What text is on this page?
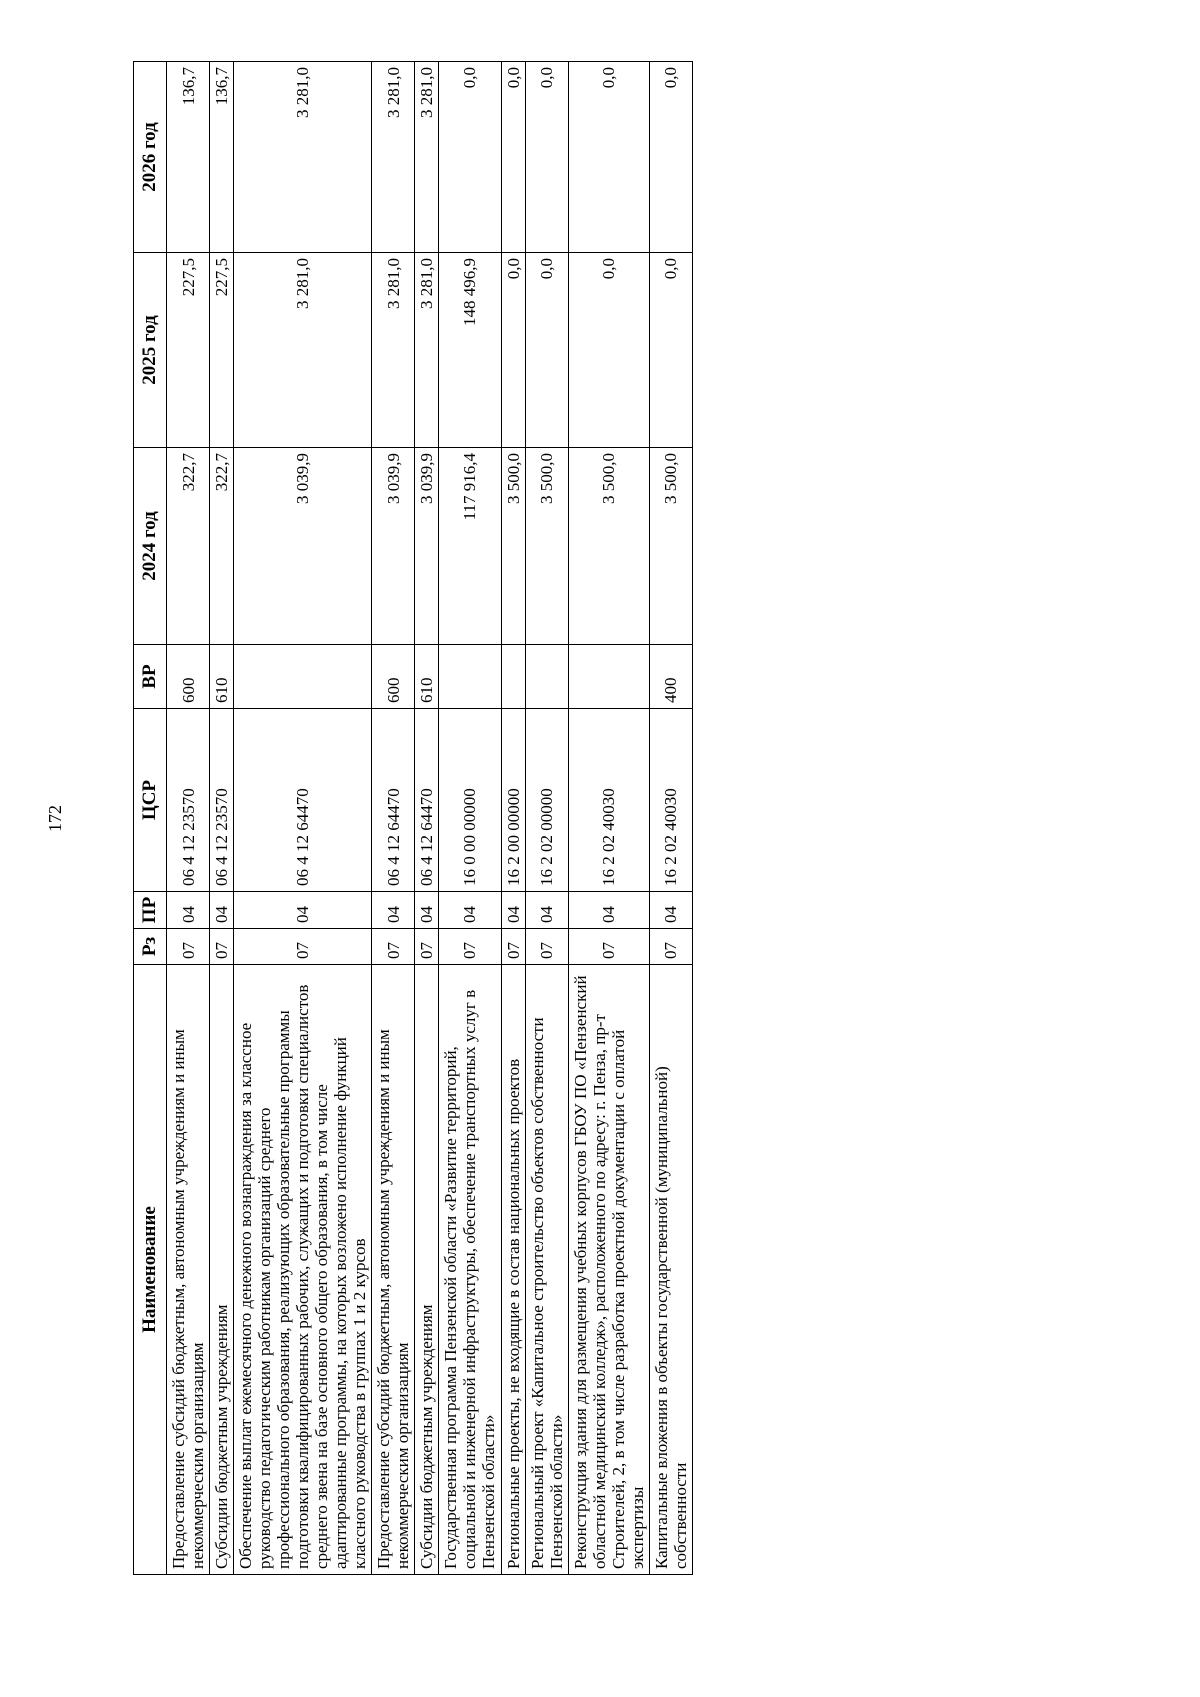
172
Наименование	Рз	ПР	ЦСР	ВР	2024 год	2025 год	2026 год
Предоставление субсидий бюджетным, автономным учреждениям и иным некоммерческим организациям	07	04	06 4 12 23570	600	322,7	227,5	136,7
Субсидии бюджетным учреждениям	07	04	06 4 12 23570	610	322,7	227,5	136,7
Обеспечение выплат ежемесячного денежного вознаграждения за классное руководство педагогическим работникам организаций среднего профессионального образования, реализующих образовательные программы подготовки квалифицированных рабочих, служащих и подготовки специалистов среднего звена на базе основного общего образования, в том числе адаптированные программы, на которых возложено исполнение функций классного руководства в группах 1 и 2 курсов	07	04	06 4 12 64470		3 039,9	3 281,0	3 281,0
Предоставление субсидий бюджетным, автономным учреждениям и иным некоммерческим организациям	07	04	06 4 12 64470	600	3 039,9	3 281,0	3 281,0
Субсидии бюджетным учреждениям	07	04	06 4 12 64470	610	3 039,9	3 281,0	3 281,0
Государственная программа Пензенской области «Развитие территорий, социальной и инженерной инфраструктуры, обеспечение транспортных услуг в Пензенской области»	07	04	16 0 00 00000		117 916,4	148 496,9	0,0
Региональные проекты, не входящие в состав национальных проектов	07	04	16 2 00 00000		3 500,0	0,0	0,0
Региональный проект «Капитальное строительство объектов собственности Пензенской области»	07	04	16 2 02 00000		3 500,0	0,0	0,0
Реконструкция здания для размещения учебных корпусов ГБОУ ПО «Пензенский областной медицинский колледж», расположенного по адресу: г. Пенза, пр-т Строителей, 2, в том числе разработка проектной документации с оплатой экспертизы	07	04	16 2 02 40030		3 500,0	0,0	0,0
Капитальные вложения в объекты государственной (муниципальной) собственности	07	04	16 2 02 40030	400	3 500,0	0,0	0,0
